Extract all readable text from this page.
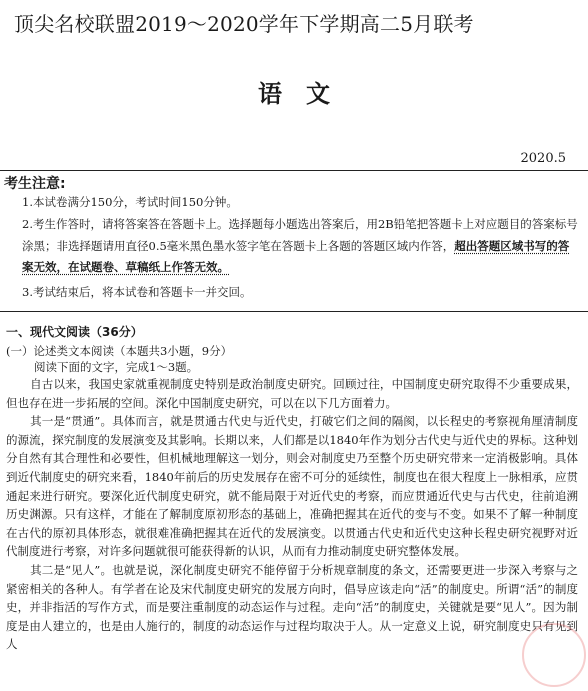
顶尖名校联盟2019～2020学年下学期高二5月联考
语文
2020.5
考生注意:
1.本试卷满分150分，考试时间150分钟。
2.考生作答时，请将答案答在答题卡上。选择题每小题选出答案后，用2B铅笔把答题卡上对应题目的答案标号涂黑；非选择题请用直径0.5毫米黑色墨水签字笔在答题卡上各题的答题区域内作答，超出答题区域书写的答案无效，在试题卷、草稿纸上作答无效。
3.考试结束后，将本试卷和答题卡一并交回。
一、现代文阅读（36分）
(一）论述类文本阅读（本题共3小题，9分）
阅读下面的文字，完成1～3题。

自古以来，我国史家就重视制度史特别是政治制度史研究。回顾过往，中国制度史研究取得不少重要成果，但也存在进一步拓展的空间。深化中国制度史研究，可以在以下几方面着力。

其一是“贯通”。具体而言，就是贯通古代史与近代史，打破它们之间的隔阂，以长程史的考察视角厘清制度的源流，探究制度的发展演变及其影响。长期以来，人们都是以1840年作为划分古代史与近代史的界标。这种划分自然有其合理性和必要性，但机械地理解这一划分，则会对制度史乃至整个历史研究带来一定消极影响。具体到近代制度史的研究来看，1840年前后的历史发展存在密不可分的延续性，制度也在很大程度上一脉相承，应贯通起来进行研究。要深化近代制度史研究，就不能局限于对近代史的考察，而应贯通近代史与古代史，往前追溯历史渊源。只有这样，才能在了解制度原初形态的基础上，准确把握其在近代的变与不变。如果不了解一种制度在古代的原初具体形态，就很难准确把握其在近代的发展演变。以贯通古代史和近代史这种长程史研究视野对近代制度进行考察，对许多问题就很可能获得新的认识，从而有力推动制度史研究整体发展。

其二是“见人”。也就是说，深化制度史研究不能停留于分析规章制度的条文，还需要更进一步深入考察与之紧密相关的各种人。有学者在论及宋代制度史研究的发展方向时，倡导应该走向“活”的制度史。所谓“活”的制度史，并非指活的写作方式，而是要注重制度的动态运作与过程。走向“活”的制度史，关键就是要“见人”。因为制度是由人建立的，也是由人施行的，制度的动态运作与过程均取决于人。从一定意义上说，研究制度史只有见到人
